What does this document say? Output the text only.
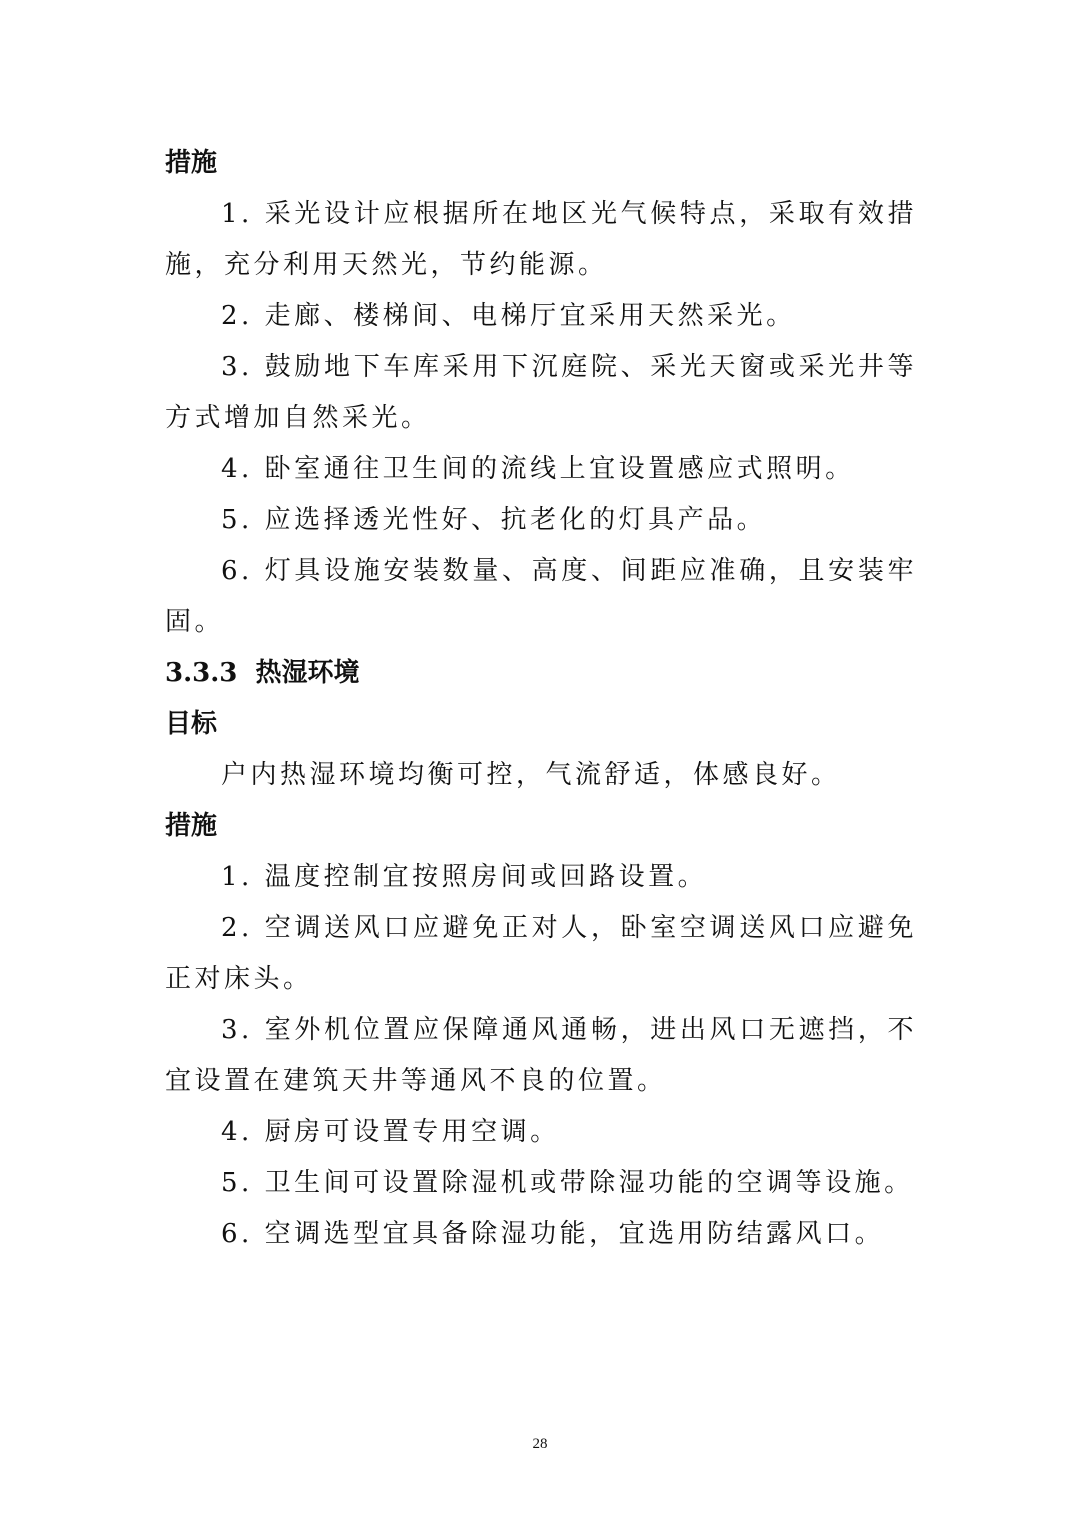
措施

1. 采光设计应根据所在地区光气候特点，采取有效措施，充分利用天然光，节约能源。

2. 走廊、楼梯间、电梯厅宜采用天然采光。

3. 鼓励地下车库采用下沉庭院、采光天窗或采光井等方式增加自然采光。

4. 卧室通往卫生间的流线上宜设置感应式照明。

5. 应选择透光性好、抗老化的灯具产品。

6. 灯具设施安装数量、高度、间距应准确，且安装牢固。

3.3.3 热湿环境
目标

户内热湿环境均衡可控，气流舒适，体感良好。

措施

1. 温度控制宜按照房间或回路设置。

2. 空调送风口应避免正对人，卧室空调送风口应避免正对床头。

3. 室外机位置应保障通风通畅，进出风口无遮挡，不宜设置在建筑天井等通风不良的位置。

4. 厨房可设置专用空调。

5. 卫生间可设置除湿机或带除湿功能的空调等设施。

6. 空调选型宜具备除湿功能，宜选用防结露风口。

28
